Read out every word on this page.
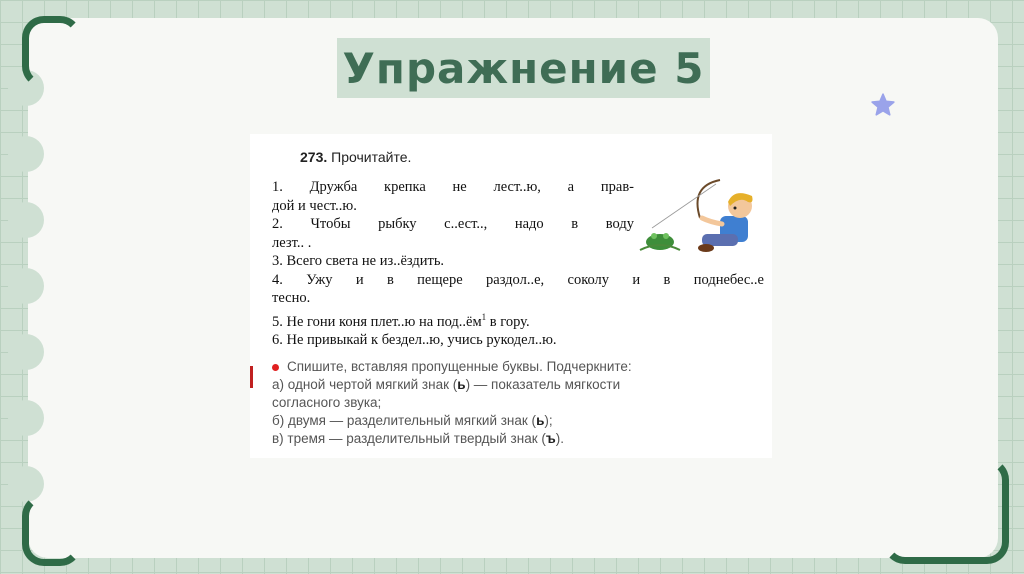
Упражнение 5
273. Прочитайте.
1. Дружба крепка не лест..ю, а прав-
дой и чест..ю.
2. Чтобы рыбку с..ест.., надо в воду
лезт.. .
3. Всего света не из..ёздить.
4. Ужу и в пещере раздол..е, соколу и в поднебес..е
тесно.
5. Не гони коня плет..ю на $под..ём^1$ в гору.
6. Не привыкай к бездел..ю, учись рукодел..ю.
Спишите, вставляя пропущенные буквы. Подчеркните:
а) одной чертой мягкий знак (ь) — показатель мягкости
согласного звука;
б) двумя — разделительный мягкий знак (ь);
в) тремя — разделительный твердый знак (ъ).
